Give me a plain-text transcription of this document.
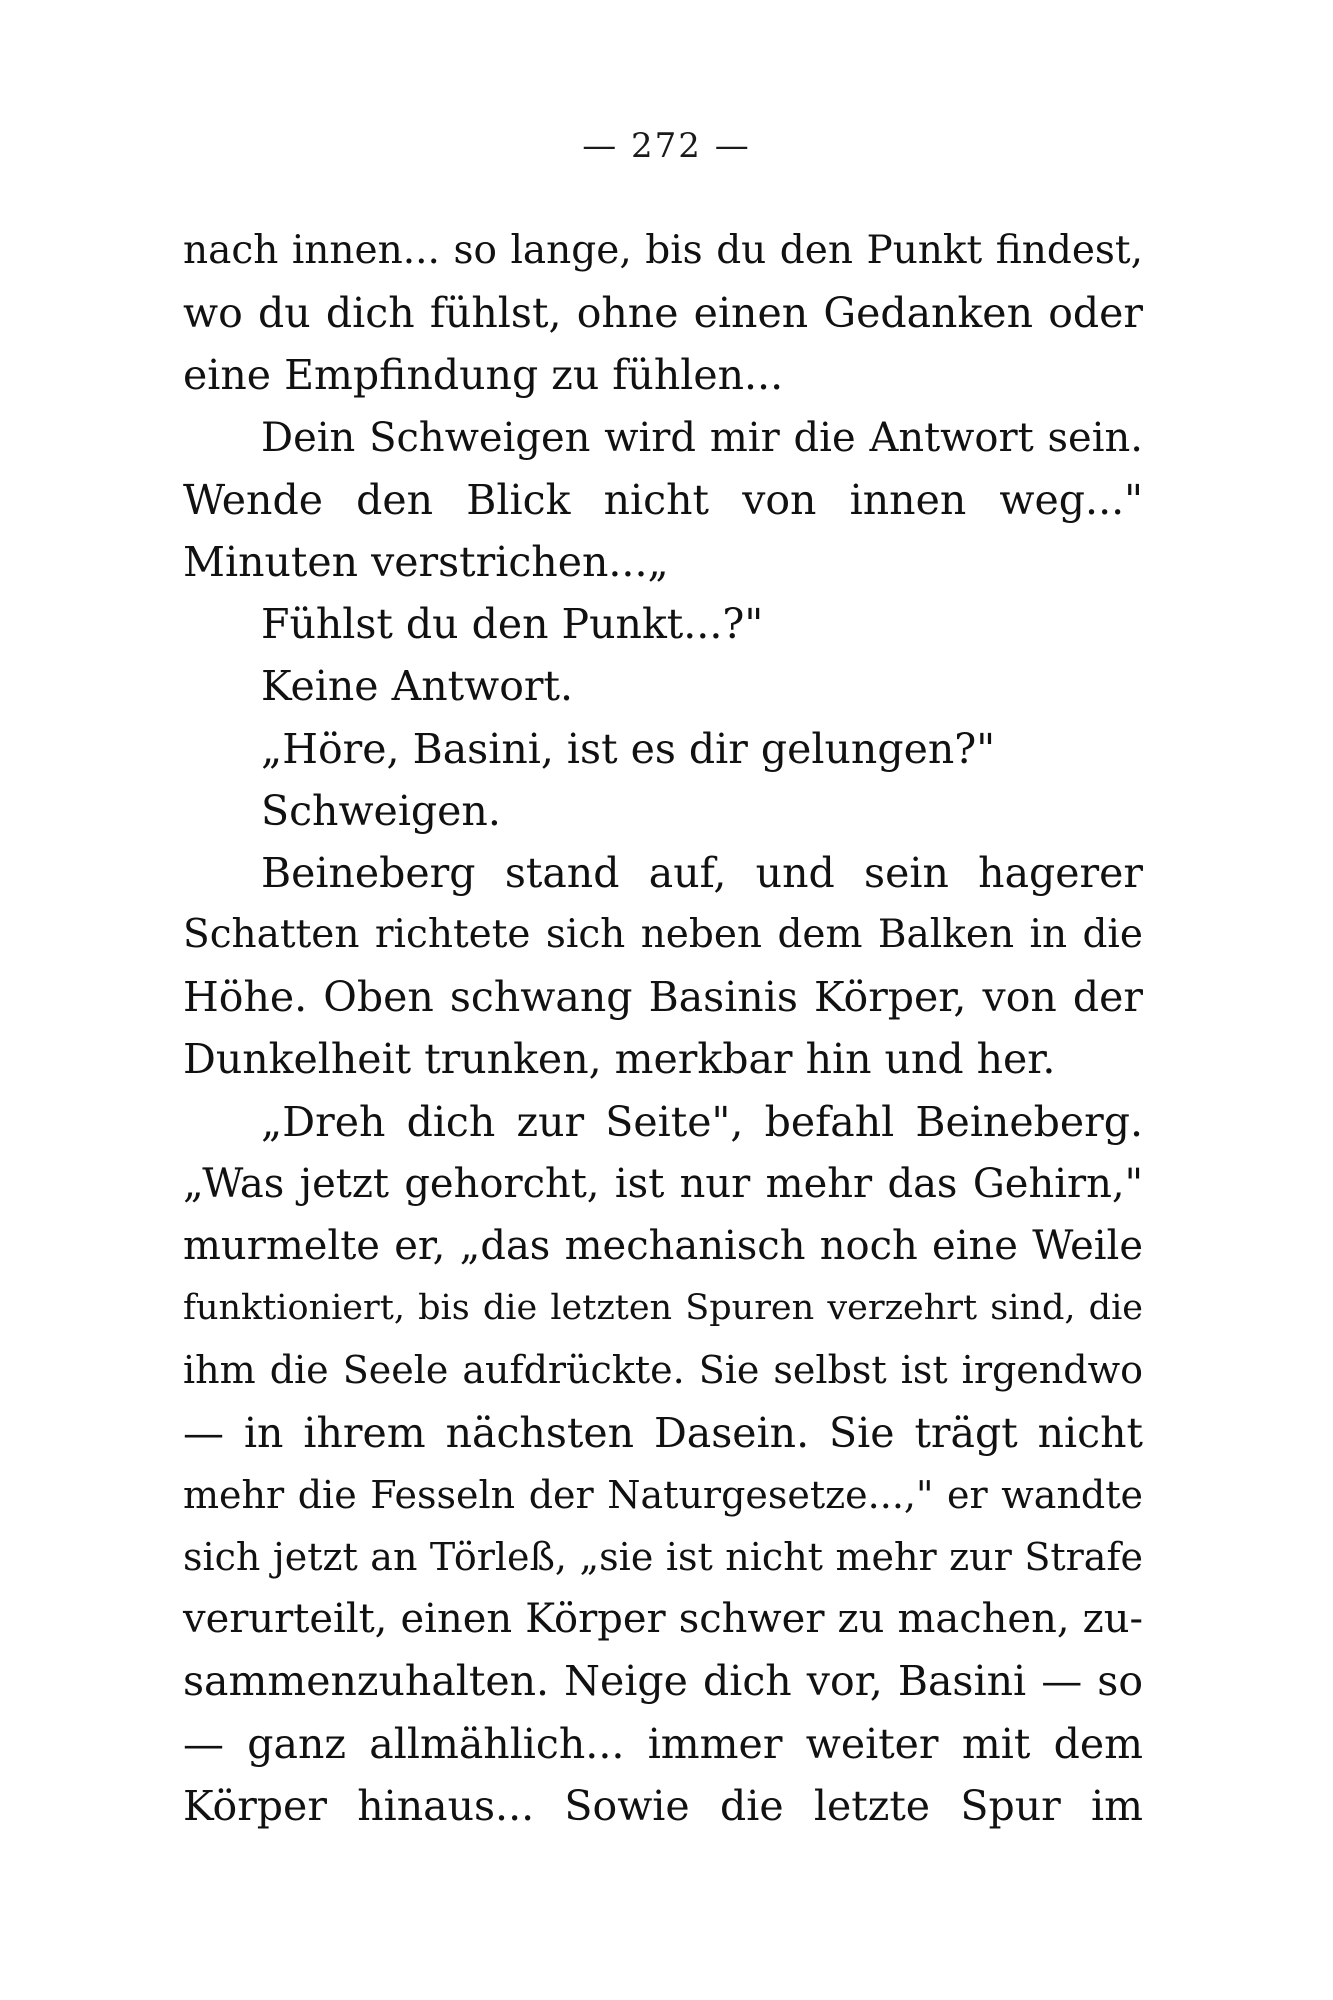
— 272 —
nach innen... so lange, bis du den Punkt findest,
wo du dich fühlst, ohne einen Gedanken oder
eine Empfindung zu fühlen...
Dein Schweigen wird mir die Antwort sein.
Wende den Blick nicht von innen weg..."
Minuten verstrichen...„
Fühlst du den Punkt...?"
Keine Antwort.
„Höre, Basini, ist es dir gelungen?"
Schweigen.
Beineberg stand auf, und sein hagerer
Schatten richtete sich neben dem Balken in die
Höhe. Oben schwang Basinis Körper, von der
Dunkelheit trunken, merkbar hin und her.
„Dreh dich zur Seite", befahl Beineberg.
„Was jetzt gehorcht, ist nur mehr das Gehirn,"
murmelte er, „das mechanisch noch eine Weile
funktioniert, bis die letzten Spuren verzehrt sind, die
ihm die Seele aufdrückte. Sie selbst ist irgendwo
— in ihrem nächsten Dasein. Sie trägt nicht
mehr die Fesseln der Naturgesetze...," er wandte
sich jetzt an Törleß, „sie ist nicht mehr zur Strafe
verurteilt, einen Körper schwer zu machen, zu-
sammenzuhalten. Neige dich vor, Basini — so
— ganz allmählich... immer weiter mit dem
Körper hinaus... Sowie die letzte Spur im
